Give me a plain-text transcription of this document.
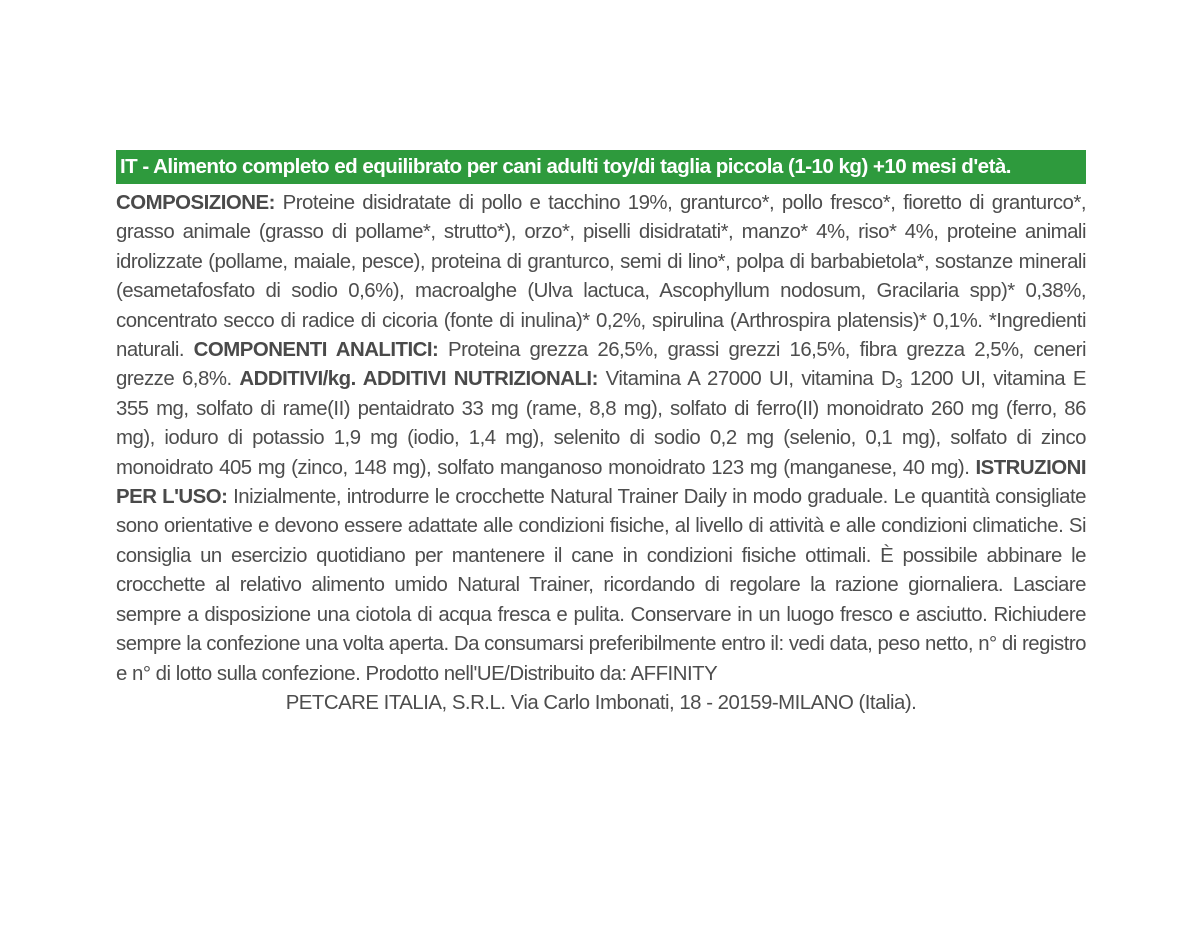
IT - Alimento completo ed equilibrato per cani adulti toy/di taglia piccola (1-10 kg) +10 mesi d'età.
COMPOSIZIONE: Proteine disidratate di pollo e tacchino 19%, granturco*, pollo fresco*, fioretto di granturco*, grasso animale (grasso di pollame*, strutto*), orzo*, piselli disidratati*, manzo* 4%, riso* 4%, proteine animali idrolizzate (pollame, maiale, pesce), proteina di granturco, semi di lino*, polpa di barbabietola*, sostanze minerali (esametafosfato di sodio 0,6%), macroalghe (Ulva lactuca, Ascophyllum nodosum, Gracilaria spp)* 0,38%, concentrato secco di radice di cicoria (fonte di inulina)* 0,2%, spirulina (Arthrospira platensis)* 0,1%. *Ingredienti naturali. COMPONENTI ANALITICI: Proteina grezza 26,5%, grassi grezzi 16,5%, fibra grezza 2,5%, ceneri grezze 6,8%. ADDITIVI/kg. ADDITIVI NUTRIZIONALI: Vitamina A 27000 UI, vitamina $D_3$ 1200 UI, vitamina E 355 mg, solfato di rame(II) pentaidrato 33 mg (rame, 8,8 mg), solfato di ferro(II) monoidrato 260 mg (ferro, 86 mg), ioduro di potassio 1,9 mg (iodio, 1,4 mg), selenito di sodio 0,2 mg (selenio, 0,1 mg), solfato di zinco monoidrato 405 mg (zinco, 148 mg), solfato manganoso monoidrato 123 mg (manganese, 40 mg). ISTRUZIONI PER L'USO: Inizialmente, introdurre le crocchette Natural Trainer Daily in modo graduale. Le quantità consigliate sono orientative e devono essere adattate alle condizioni fisiche, al livello di attività e alle condizioni climatiche. Si consiglia un esercizio quotidiano per mantenere il cane in condizioni fisiche ottimali. È possibile abbinare le crocchette al relativo alimento umido Natural Trainer, ricordando di regolare la razione giornaliera. Lasciare sempre a disposizione una ciotola di acqua fresca e pulita. Conservare in un luogo fresco e asciutto. Richiudere sempre la confezione una volta aperta. Da consumarsi preferibilmente entro il: vedi data, peso netto, n° di registro e n° di lotto sulla confezione. Prodotto nell'UE/Distribuito da: AFFINITY
PETCARE ITALIA, S.R.L. Via Carlo Imbonati, 18 - 20159-MILANO (Italia).
